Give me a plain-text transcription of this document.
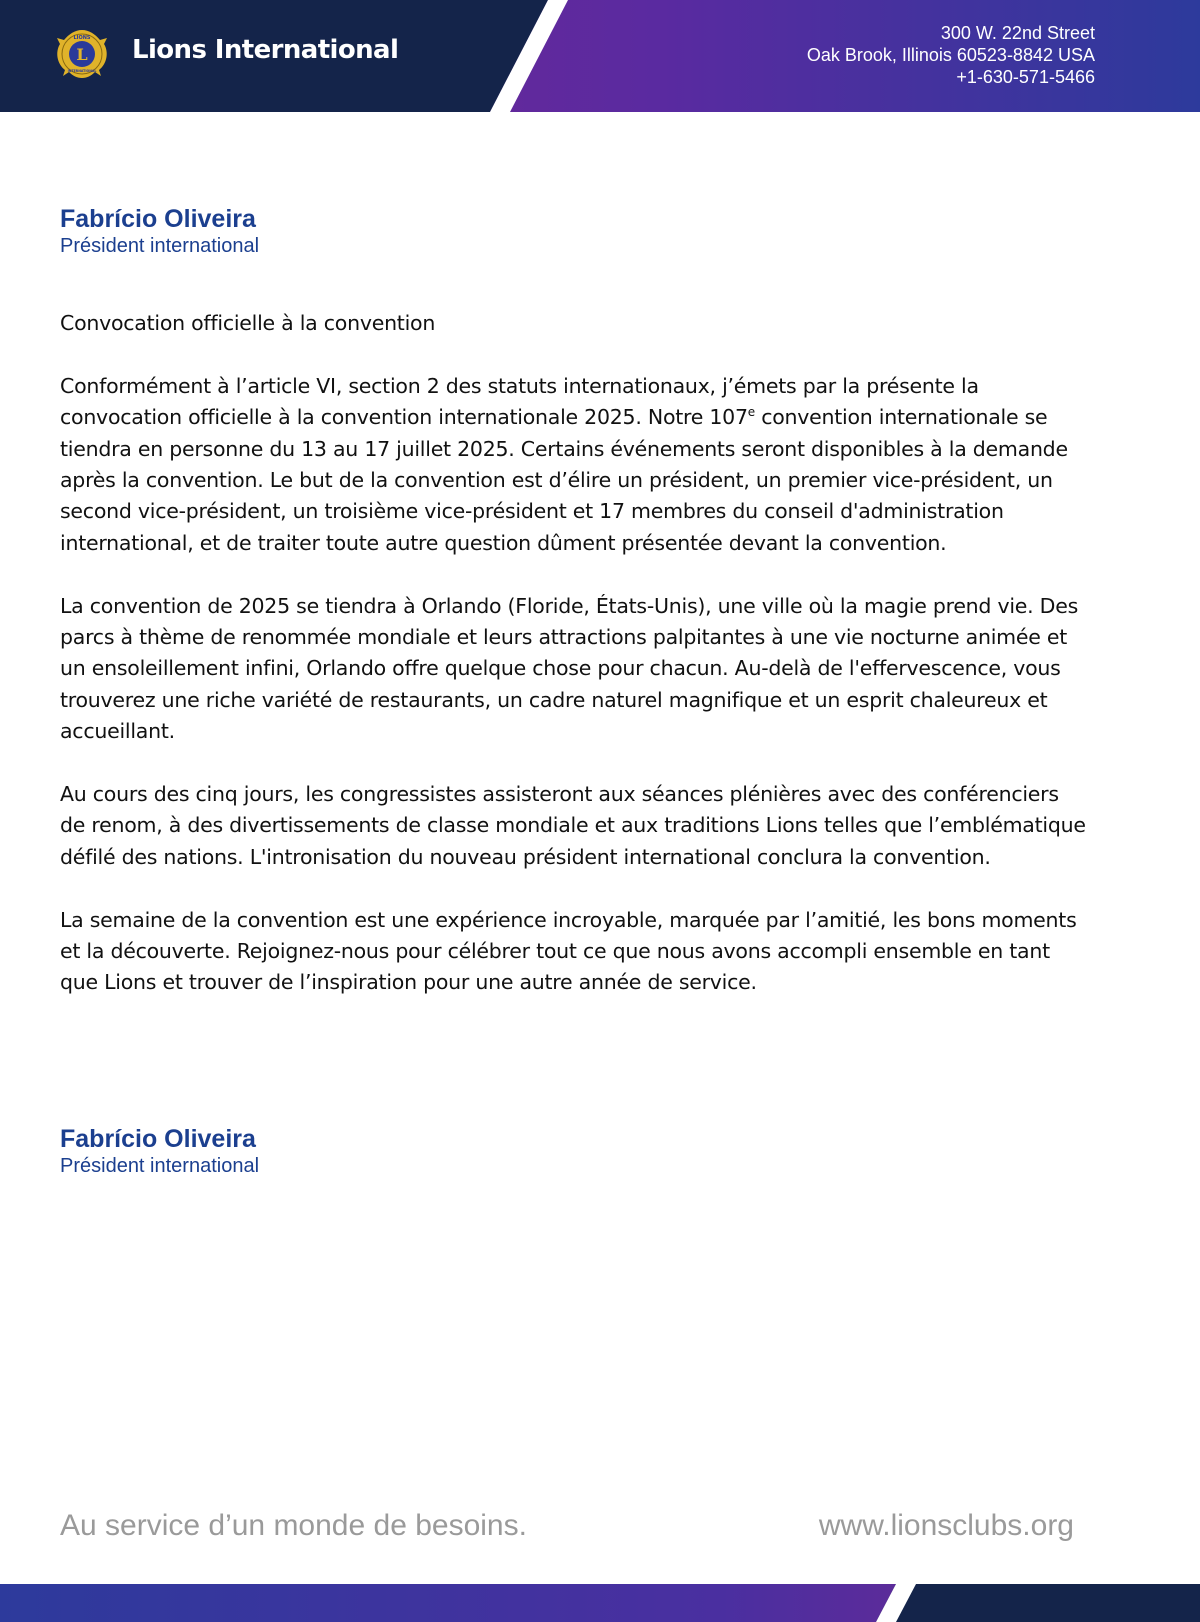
L
LIONS
INTERNATIONAL
Lions International
300 W. 22nd Street
Oak Brook, Illinois 60523-8842 USA
+1-630-571-5466
Fabrício Oliveira
Président international

Convocation officielle à la convention

Conformément à l’article VI, section 2 des statuts internationaux, j’émets par la présente la convocation officielle à la convention internationale 2025. Notre 107e convention internationale se tiendra en personne du 13 au 17 juillet 2025. Certains événements seront disponibles à la demande après la convention. Le but de la convention est d’élire un président, un premier vice-président, un second vice-président, un troisième vice-président et 17 membres du conseil d'administration international, et de traiter toute autre question dûment présentée devant la convention.

La convention de 2025 se tiendra à Orlando (Floride, États-Unis), une ville où la magie prend vie. Des parcs à thème de renommée mondiale et leurs attractions palpitantes à une vie nocturne animée et un ensoleillement infini, Orlando offre quelque chose pour chacun. Au-delà de l'effervescence, vous trouverez une riche variété de restaurants, un cadre naturel magnifique et un esprit chaleureux et accueillant.

Au cours des cinq jours, les congressistes assisteront aux séances plénières avec des conférenciers de renom, à des divertissements de classe mondiale et aux traditions Lions telles que l’emblématique défilé des nations. L'intronisation du nouveau président international conclura la convention.

La semaine de la convention est une expérience incroyable, marquée par l’amitié, les bons moments et la découverte. Rejoignez-nous pour célébrer tout ce que nous avons accompli ensemble en tant que Lions et trouver de l’inspiration pour une autre année de service.

Fabrício Oliveira
Président international
Au service d’un monde de besoins.	www.lionsclubs.org
